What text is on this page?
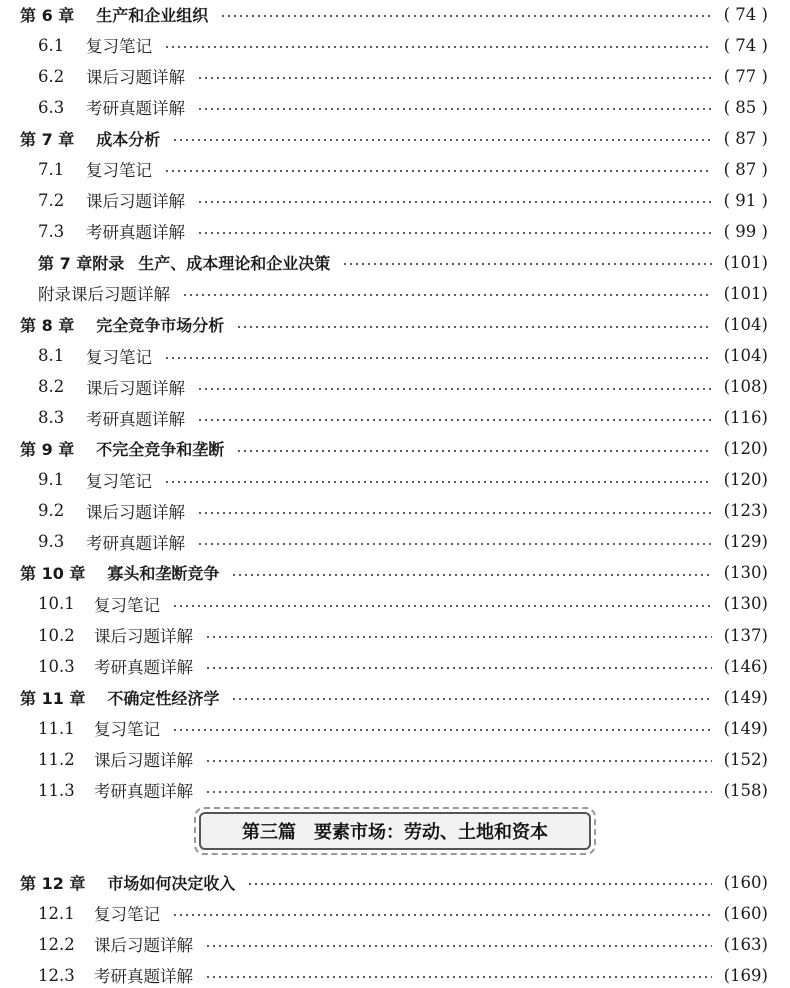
第 6 章 生产和企业组织	( 74 )
6.1	复习笔记	( 74 )
6.2	课后习题详解	( 77 )
6.3	考研真题详解	( 85 )
第 7 章 成本分析	( 87 )
7.1	复习笔记	( 87 )
7.2	课后习题详解	( 91 )
7.3	考研真题详解	( 99 )
第 7 章附录 生产、成本理论和企业决策	(101)
附录课后习题详解	(101)
第 8 章 完全竞争市场分析	(104)
8.1	复习笔记	(104)
8.2	课后习题详解	(108)
8.3	考研真题详解	(116)
第 9 章 不完全竞争和垄断	(120)
9.1	复习笔记	(120)
9.2	课后习题详解	(123)
9.3	考研真题详解	(129)
第 10 章 寡头和垄断竞争	(130)
10.1	复习笔记	(130)
10.2	课后习题详解	(137)
10.3	考研真题详解	(146)
第 11 章 不确定性经济学	(149)
11.1	复习笔记	(149)
11.2	课后习题详解	(152)
11.3	考研真题详解	(158)
第三篇　要素市场：劳动、土地和资本
第 12 章 市场如何决定收入	(160)
12.1	复习笔记	(160)
12.2	课后习题详解	(163)
12.3	考研真题详解	(169)
